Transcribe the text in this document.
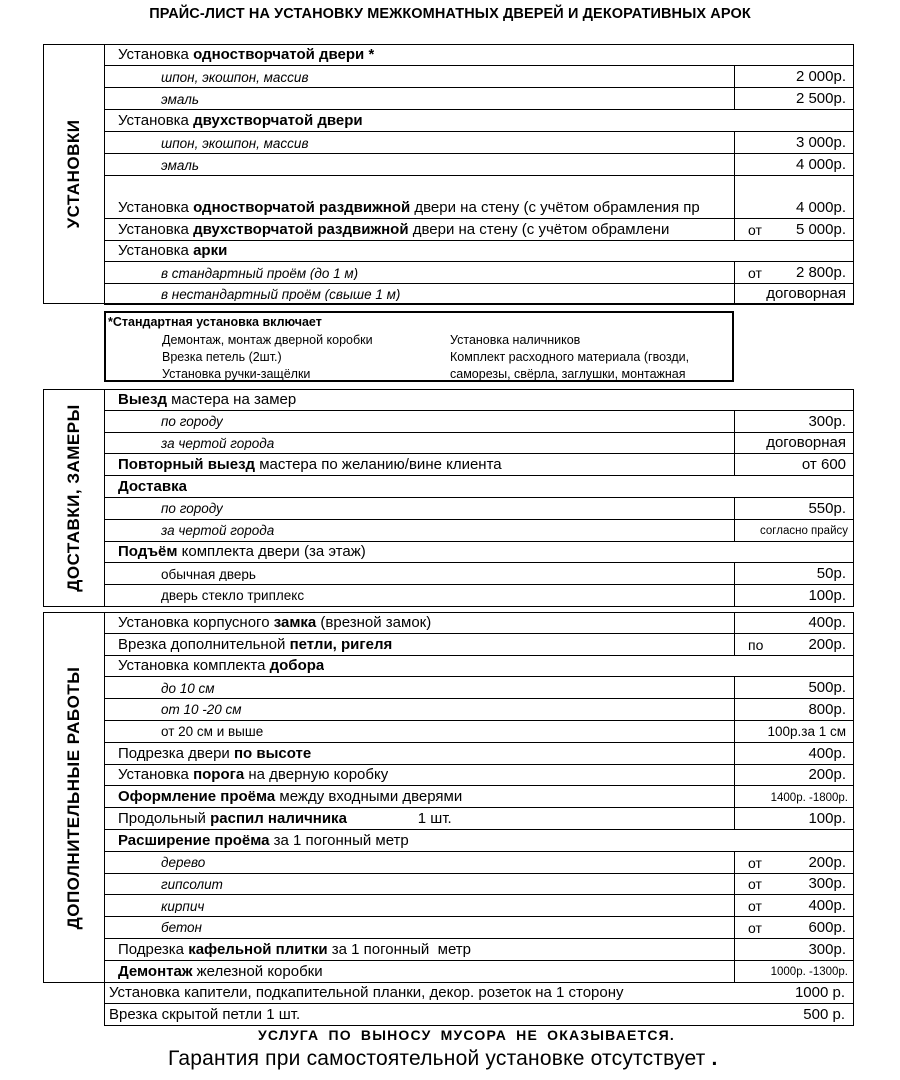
ПРАЙС-ЛИСТ НА УСТАНОВКУ МЕЖКОМНАТНЫХ ДВЕРЕЙ И ДЕКОРАТИВНЫХ АРОК
УСТАНОВКИ
Установка одностворчатой двери *
шпон, экошпон, массив	2 000р.
эмаль	2 500р.
Установка двухстворчатой двери
шпон, экошпон, массив	3 000р.
эмаль	4 000р.
Установка одностворчатой раздвижной двери на стену (с учётом обрамления пр	4 000р.
Установка двухстворчатой раздвижной двери на стену (с учётом обрамлени	от 5 000р.
Установка арки
в стандартный проём (до 1 м)	от 2 800р.
в нестандартный проём (свыше 1 м)	договорная
*Стандартная установка включает
Демонтаж, монтаж дверной коробки
Врезка петель (2шт.)
Установка ручки-защёлки
Установка наличников
Комплект расходного материала (гвозди,
саморезы, свёрла, заглушки, монтажная
ДОСТАВКИ, ЗАМЕРЫ
Выезд мастера на замер
по городу	300р.
за чертой города	договорная
Повторный выезд мастера по желанию/вине клиента	от 600
Доставка
по городу	550р.
за чертой города	согласно прайсу
Подъём комплекта двери (за этаж)
обычная дверь	50р.
дверь стекло триплекс	100р.
ДОПОЛНИТЕЛЬНЫЕ РАБОТЫ
Установка корпусного замка (врезной замок)	400р.
Врезка дополнительной петли, ригеля	по	200р.
Установка комплекта добора
до 10 см	500р.
от 10 -20 см	800р.
от 20 см и выше	100р.за 1 см
Подрезка двери по высоте	400р.
Установка порога на дверную коробку	200р.
Оформление проёма между входными дверями	1400р. -1800р.
Продольный распил наличника                 1 шт.	100р.
Расширение проёма за 1 погонный метр
дерево	от	200р.
гипсолит	от	300р.
кирпич	от	400р.
бетон	от	600р.
Подрезка кафельной плитки за 1 погонный  метр	300р.
Демонтаж железной коробки	1000р. -1300р.
Установка капители, подкапительной планки, декор. розеток на 1 сторону	1000 р.
Врезка скрытой петли 1 шт.	500 р.
УСЛУГА ПО ВЫНОСУ МУСОРА НЕ ОКАЗЫВАЕТСЯ.
Гарантия при самостоятельной установке отсутствует .
